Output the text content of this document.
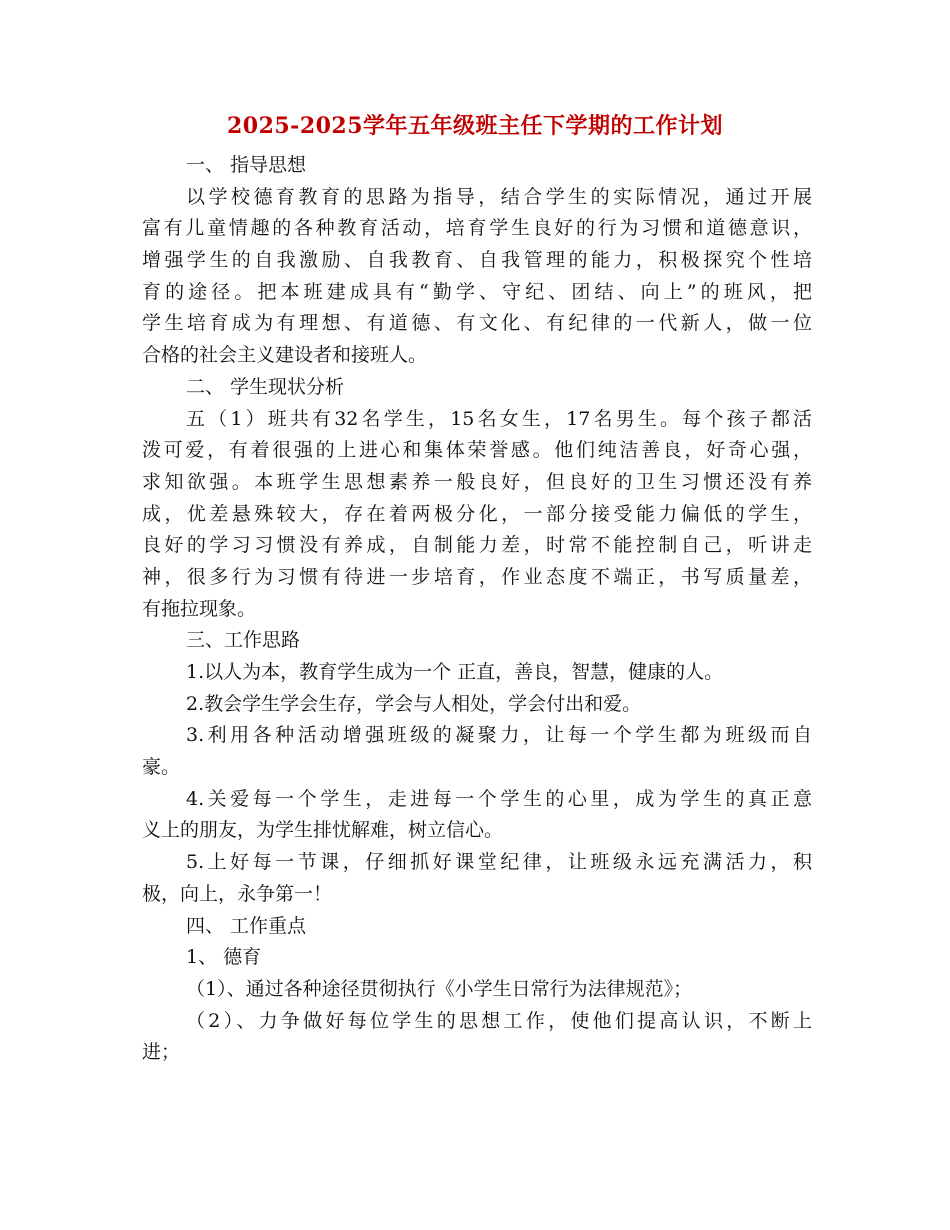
2025-2025学年五年级班主任下学期的工作计划
一、 指导思想
以学校德育教育的思路为指导，结合学生的实际情况，通过开展
富有儿童情趣的各种教育活动，培育学生良好的行为习惯和道德意识，
增强学生的自我激励、自我教育、自我管理的能力，积极探究个性培
育的途径。把本班建成具有“勤学、守纪、团结、向上”的班风，把
学生培育成为有理想、有道德、有文化、有纪律的一代新人，做一位
合格的社会主义建设者和接班人。
二、 学生现状分析
五（1）班共有32名学生，15名女生，17名男生。每个孩子都活
泼可爱，有着很强的上进心和集体荣誉感。他们纯洁善良，好奇心强，
求知欲强。本班学生思想素养一般良好，但良好的卫生习惯还没有养
成，优差悬殊较大，存在着两极分化，一部分接受能力偏低的学生，
良好的学习习惯没有养成，自制能力差，时常不能控制自己，听讲走
神，很多行为习惯有待进一步培育，作业态度不端正，书写质量差，
有拖拉现象。
三、工作思路
1.以人为本，教育学生成为一个 正直，善良，智慧，健康的人。
2.教会学生学会生存，学会与人相处，学会付出和爱。
3.利用各种活动增强班级的凝聚力，让每一个学生都为班级而自
豪。
4.关爱每一个学生，走进每一个学生的心里，成为学生的真正意
义上的朋友，为学生排忧解难，树立信心。
5.上好每一节课，仔细抓好课堂纪律，让班级永远充满活力，积
极，向上，永争第一！
四、 工作重点
1、 德育
（1）、通过各种途径贯彻执行《小学生日常行为法律规范》；
（2）、力争做好每位学生的思想工作，使他们提高认识，不断上
进；
